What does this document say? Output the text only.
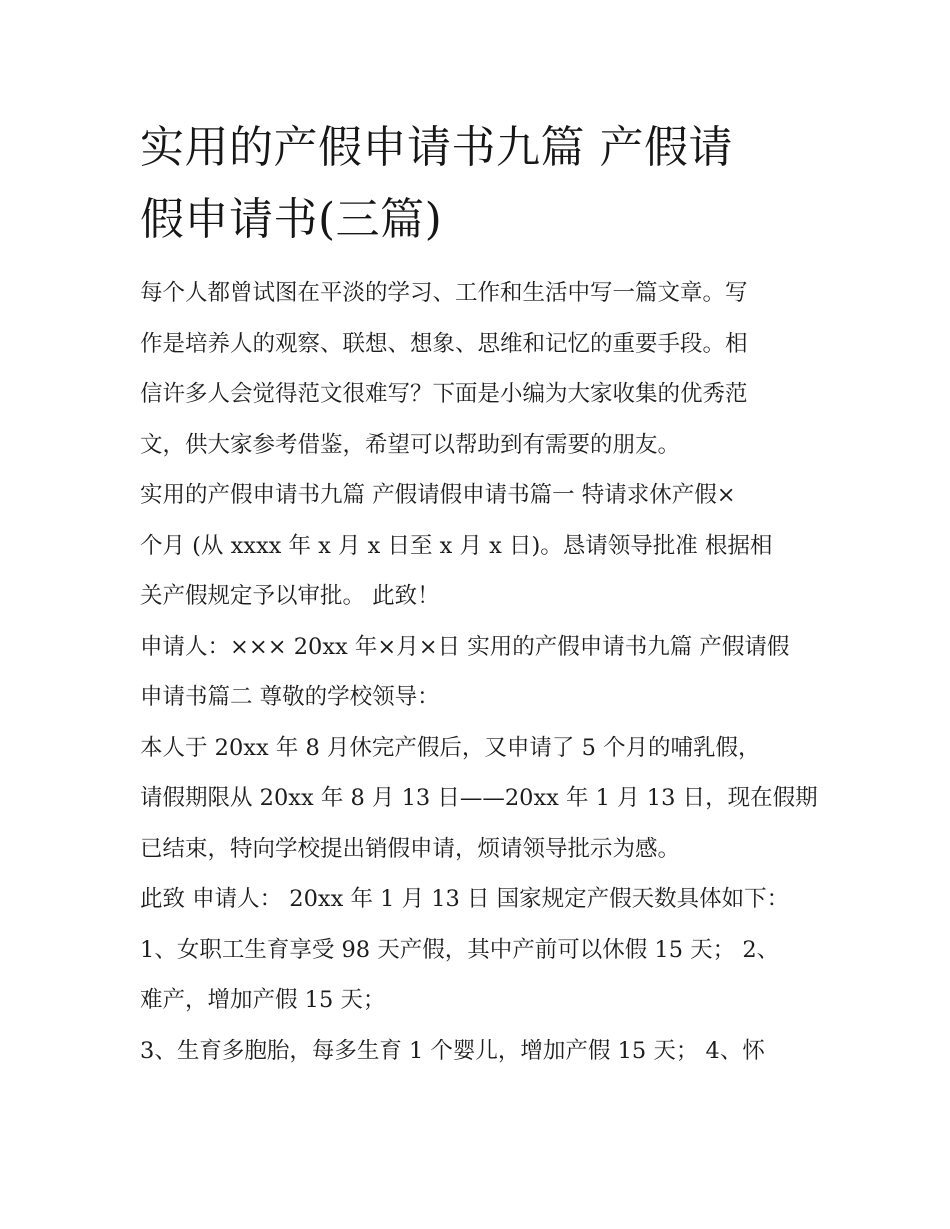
实用的产假申请书九篇 产假请
假申请书(三篇)

每个人都曾试图在平淡的学习、工作和生活中写一篇文章。写
作是培养人的观察、联想、想象、思维和记忆的重要手段。相
信许多人会觉得范文很难写？下面是小编为大家收集的优秀范
文，供大家参考借鉴，希望可以帮助到有需要的朋友。

实用的产假申请书九篇 产假请假申请书篇一 特请求休产假×
个月 (从 xxxx 年 x 月 x 日至 x 月 x 日)。恳请领导批准 根据相
关产假规定予以审批。 此致！

申请人：××× 20xx 年×月×日 实用的产假申请书九篇 产假请假
申请书篇二 尊敬的学校领导：

本人于 20xx 年 8 月休完产假后，又申请了 5 个月的哺乳假，
请假期限从 20xx 年 8 月 13 日——20xx 年 1 月 13 日，现在假期
已结束，特向学校提出销假申请，烦请领导批示为感。

此致 申请人： 20xx 年 1 月 13 日 国家规定产假天数具体如下：
1、女职工生育享受 98 天产假，其中产前可以休假 15 天； 2、
难产，增加产假 15 天；

3、生育多胞胎，每多生育 1 个婴儿，增加产假 15 天； 4、怀
